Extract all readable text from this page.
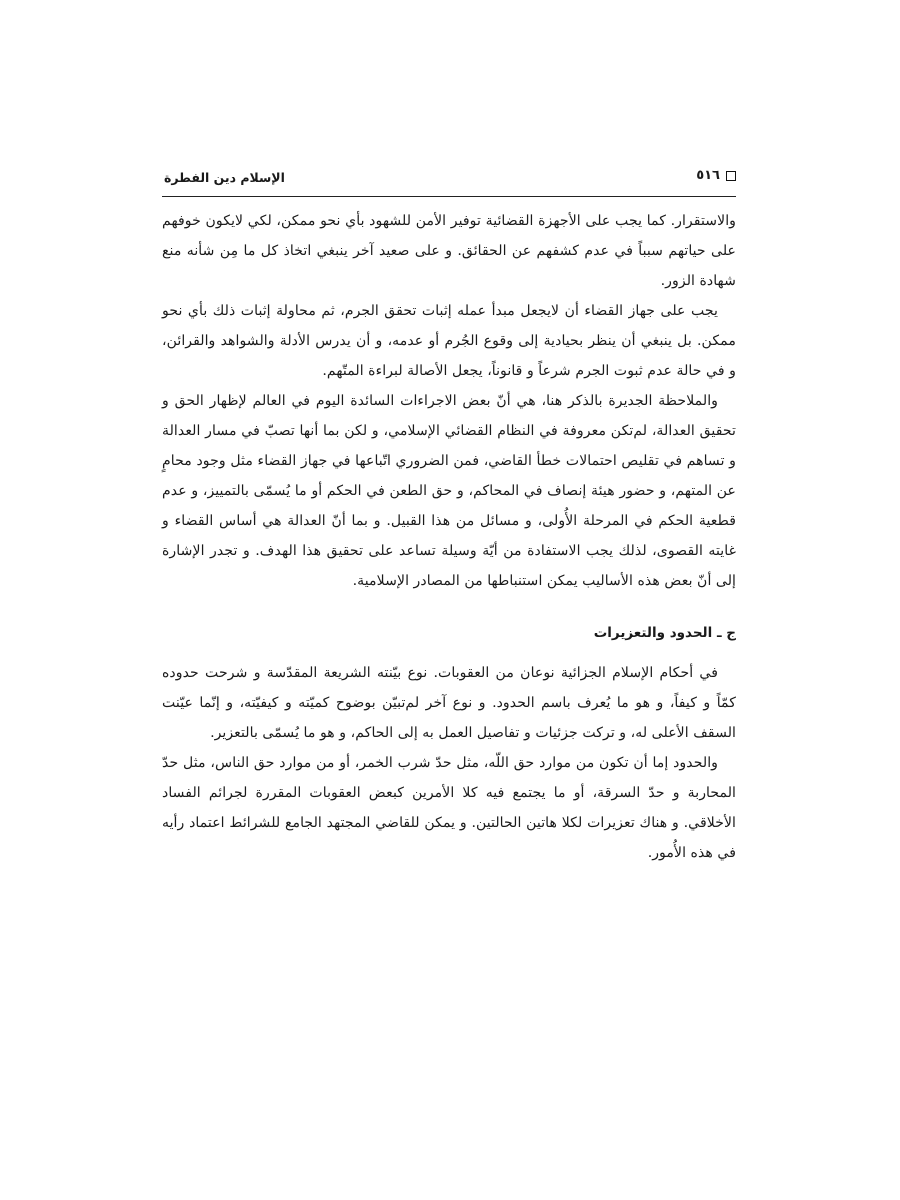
الإسلام دين الفطرة	٥١٦

والاستقرار. كما يجب على الأجهزة القضائية توفير الأمن للشهود بأي نحو ممكن، لكي لايكون خوفهم على حياتهم سبباً في عدم كشفهم عن الحقائق. و على صعيد آخر ينبغي اتخاذ كل ما مِن شأنه منع شهادة الزور.

يجب على جهاز القضاء أن لايجعل مبدأ عمله إثبات تحقق الجرم، ثم محاولة إثبات ذلك بأي نحو ممكن. بل ينبغي أن ينظر بحيادية إلى وقوع الجُرم أو عدمه، و أن يدرس الأدلة والشواهد والقرائن، و في حالة عدم ثبوت الجرم شرعاً و قانوناً، يجعل الأصالة لبراءة المتّهم.

والملاحظة الجديرة بالذكر هنا، هي أنّ بعض الاجراءات السائدة اليوم في العالم لإظهار الحق و تحقيق العدالة، لم‌تكن معروفة في النظام القضائي الإسلامي، و لكن بما أنها تصبّ في مسار العدالة و تساهم في تقليص احتمالات خطأ القاضي، فمن الضروري اتّباعها في جهاز القضاء مثل وجود محامٍ عن المتهم، و حضور هيئة إنصاف في المحاكم، و حق الطعن في الحكم أو ما يُسمّى بالتمييز، و عدم قطعية الحكم في المرحلة الأُولى، و مسائل من هذا القبيل. و بما أنّ العدالة هي أساس القضاء و غايته القصوى، لذلك يجب الاستفادة من أيّة وسيلة تساعد على تحقيق هذا الهدف. و تجدر الإشارة إلى أنّ بعض هذه الأساليب يمكن استنباطها من المصادر الإسلامية.

ج ـ الحدود والتعزيرات

في أحكام الإسلام الجزائية نوعان من العقوبات. نوع بيّنته الشريعة المقدّسة و شرحت حدوده كمّاً و كيفاً، و هو ما يُعرف باسم الحدود. و نوع آخر لم‌تبيّن بوضوح كميّته و كيفيّته، و إنّما عيّنت السقف الأعلى له، و تركت جزئيات و تفاصيل العمل به إلى الحاكم، و هو ما يُسمّى بالتعزير.

والحدود إما أن تكون من موارد حق اللّه، مثل حدّ شرب الخمر، أو من موارد حق الناس، مثل حدّ المحاربة و حدّ السرقة، أو ما يجتمع فيه كلا الأمرين كبعض العقوبات المقررة لجرائم الفساد الأخلاقي. و هناك تعزيرات لكلا هاتين الحالتين. و يمكن للقاضي المجتهد الجامع للشرائط اعتماد رأيه في هذه الأُمور.
